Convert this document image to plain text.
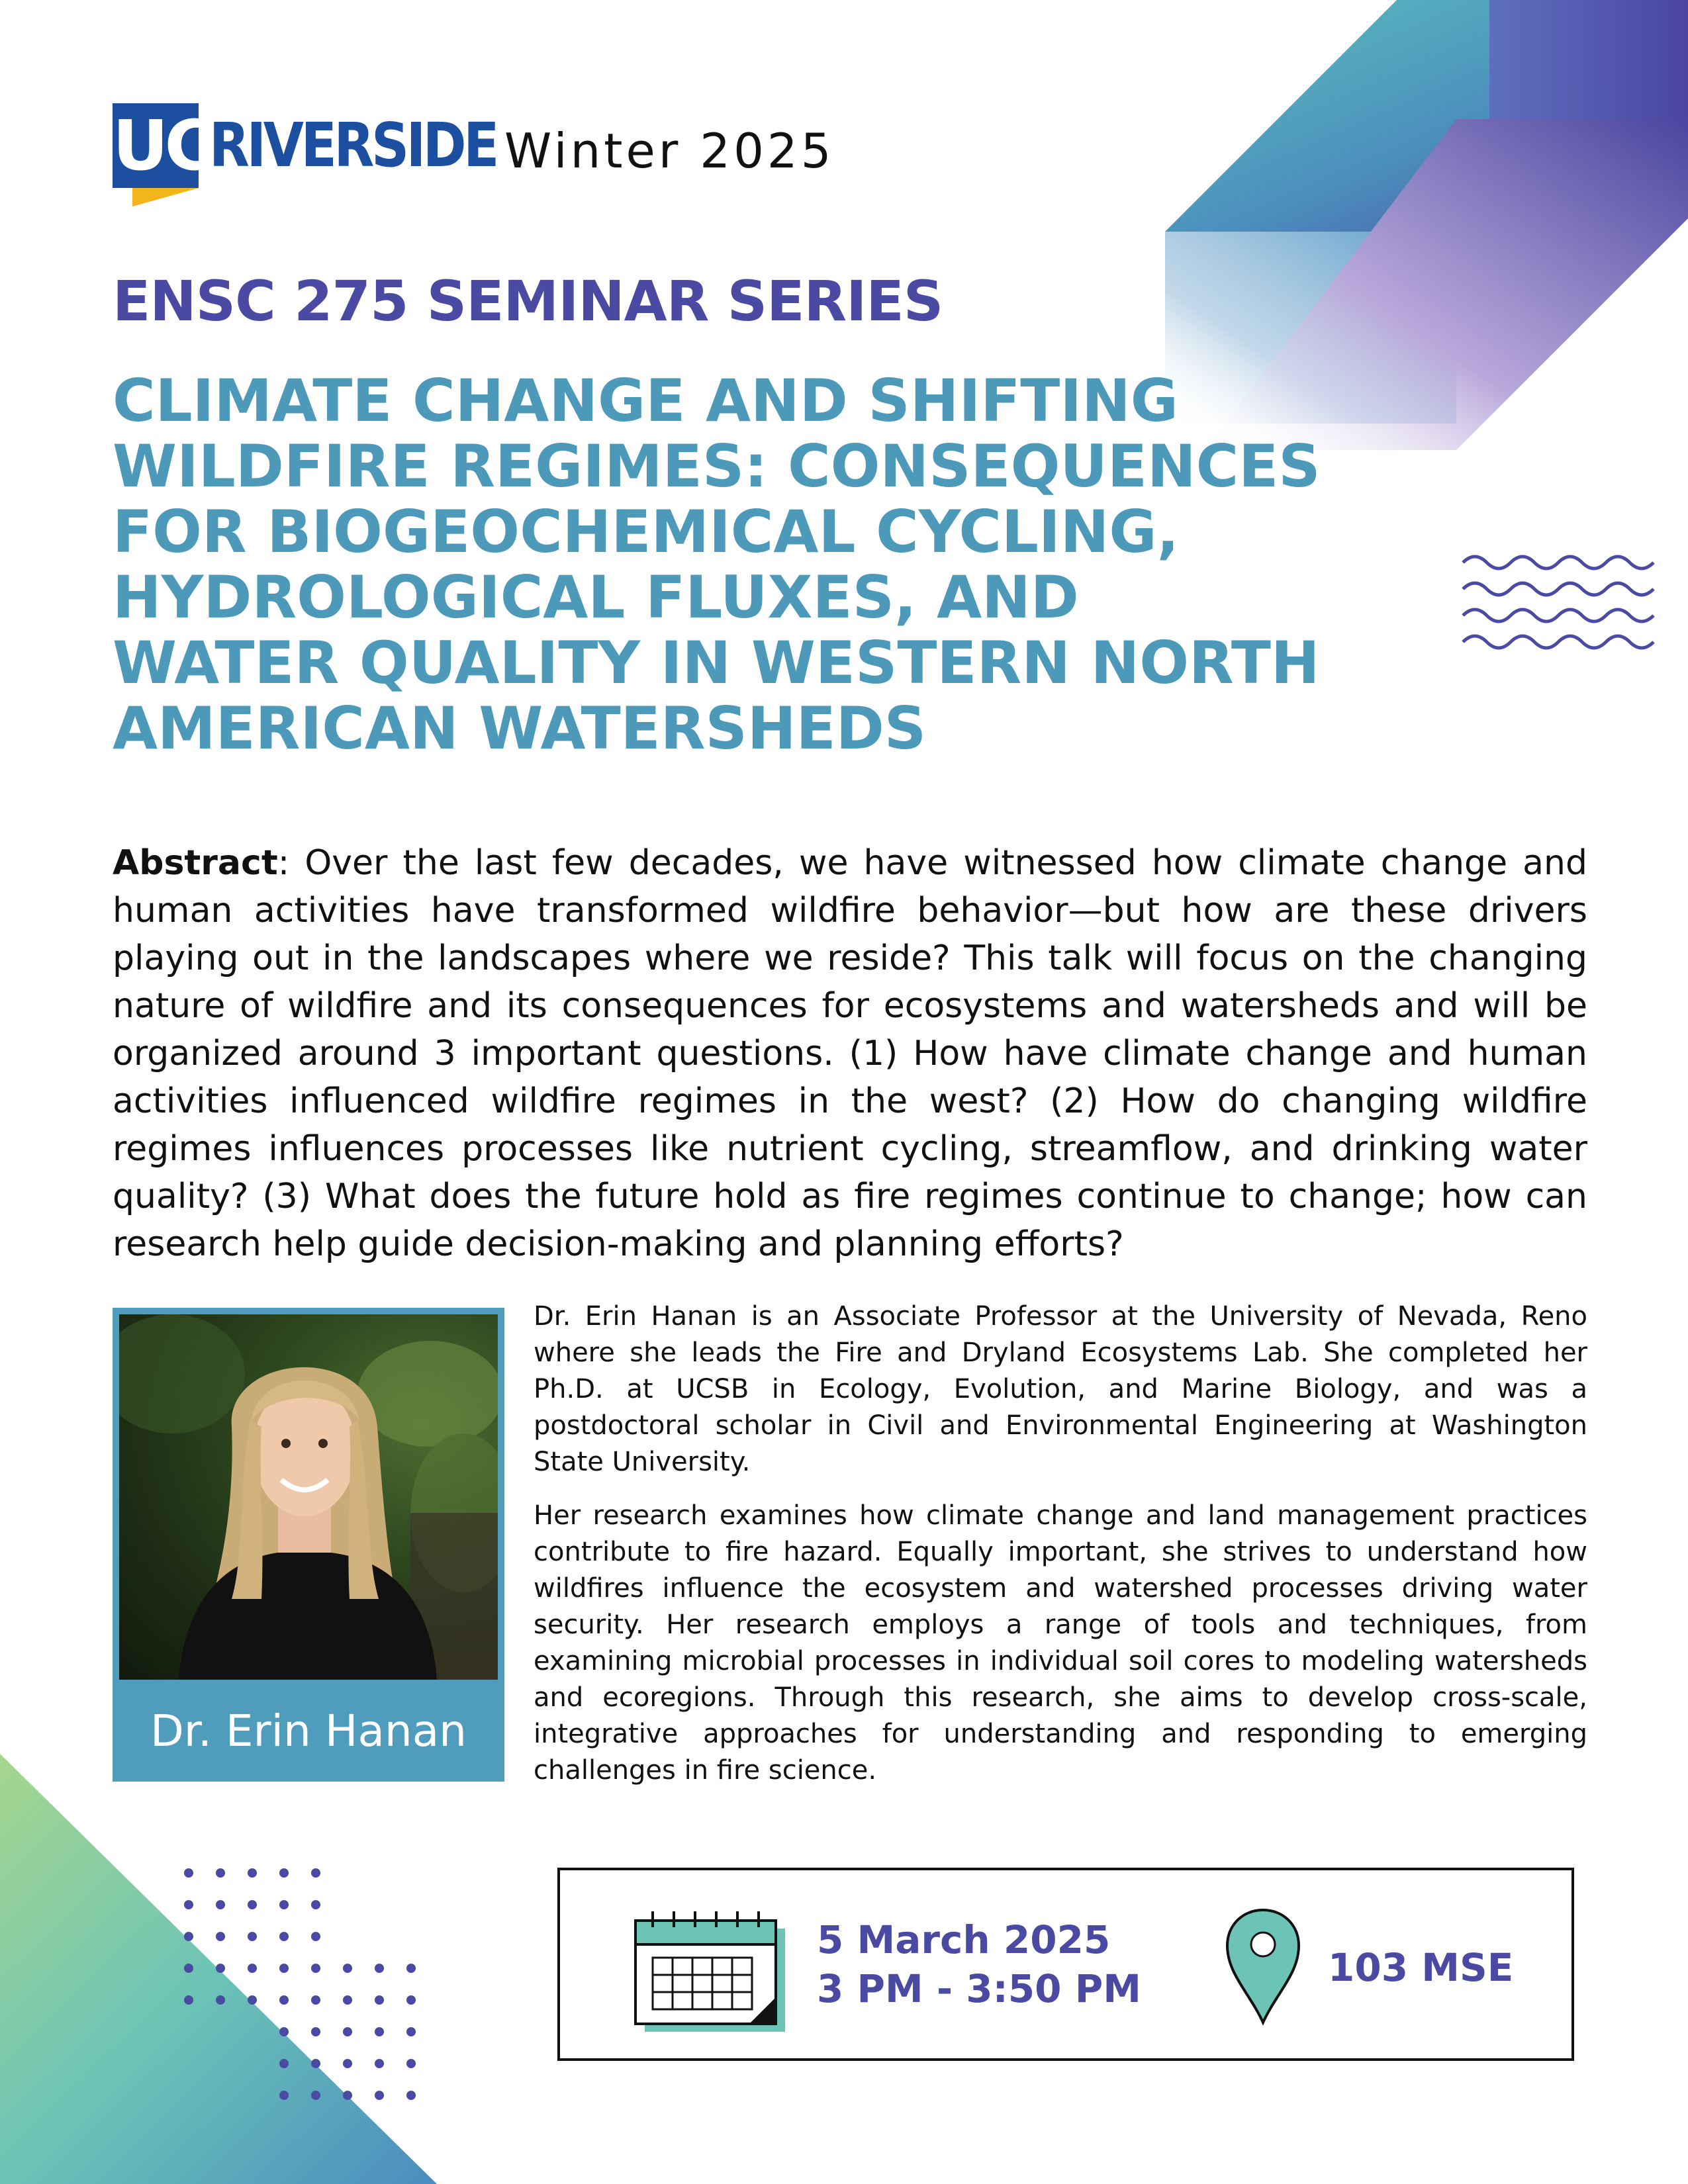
UC
RIVERSIDE Winter 2025
ENSC 275 SEMINAR SERIES
CLIMATE CHANGE AND SHIFTING
WILDFIRE REGIMES: CONSEQUENCES
FOR BIOGEOCHEMICAL CYCLING,
HYDROLOGICAL FLUXES, AND
WATER QUALITY IN WESTERN NORTH
AMERICAN WATERSHEDS

Abstract: Over the last few decades, we have witnessed how climate change and human activities have transformed wildfire behavior—but how are these drivers playing out in the landscapes where we reside? This talk will focus on the changing nature of wildfire and its consequences for ecosystems and watersheds and will be organized around 3 important questions. (1) How have climate change and human activities influenced wildfire regimes in the west? (2) How do changing wildfire regimes influences processes like nutrient cycling, streamflow, and drinking water quality? (3) What does the future hold as fire regimes continue to change; how can research help guide decision-making and planning efforts?

Dr. Erin Hanan

Dr. Erin Hanan is an Associate Professor at the University of Nevada, Reno where she leads the Fire and Dryland Ecosystems Lab. She completed her Ph.D. at UCSB in Ecology, Evolution, and Marine Biology, and was a postdoctoral scholar in Civil and Environmental Engineering at Washington State University.

Her research examines how climate change and land management practices contribute to fire hazard. Equally important, she strives to understand how wildfires influence the ecosystem and watershed processes driving water security. Her research employs a range of tools and techniques, from examining microbial processes in individual soil cores to modeling watersheds and ecoregions. Through this research, she aims to develop cross-scale, integrative approaches for understanding and responding to emerging challenges in fire science.

5 March 2025
3 PM - 3:50 PM	103 MSE
